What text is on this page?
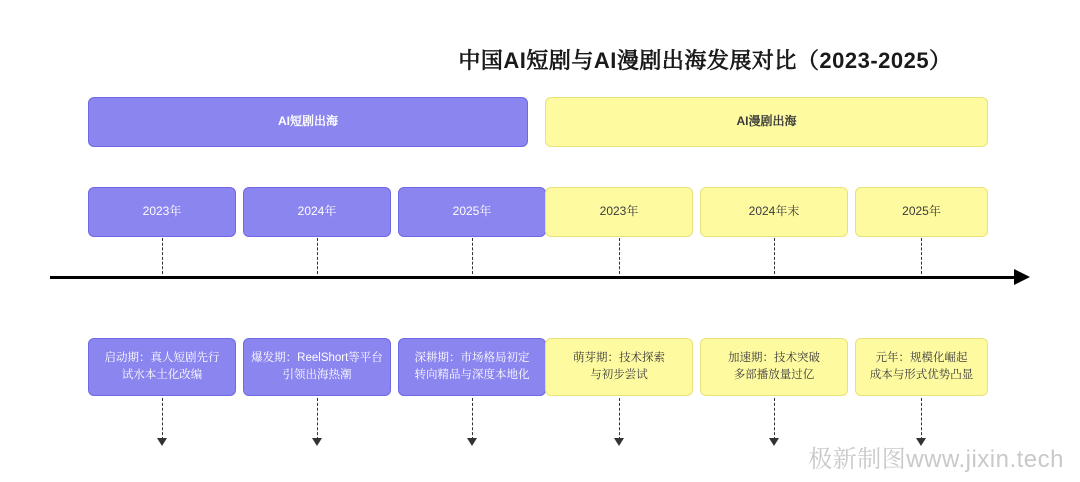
中国AI短剧与AI漫剧出海发展对比（2023-2025）
AI短剧出海	AI漫剧出海
2023年	2024年	2025年	2023年	2024年末	2025年
启动期：真人短剧先行
试水本土化改编
爆发期：ReelShort等平台
引领出海热潮
深耕期：市场格局初定
转向精品与深度本地化
萌芽期：技术探索
与初步尝试
加速期：技术突破
多部播放量过亿
元年：规模化崛起
成本与形式优势凸显
极新制图www.jixin.tech
